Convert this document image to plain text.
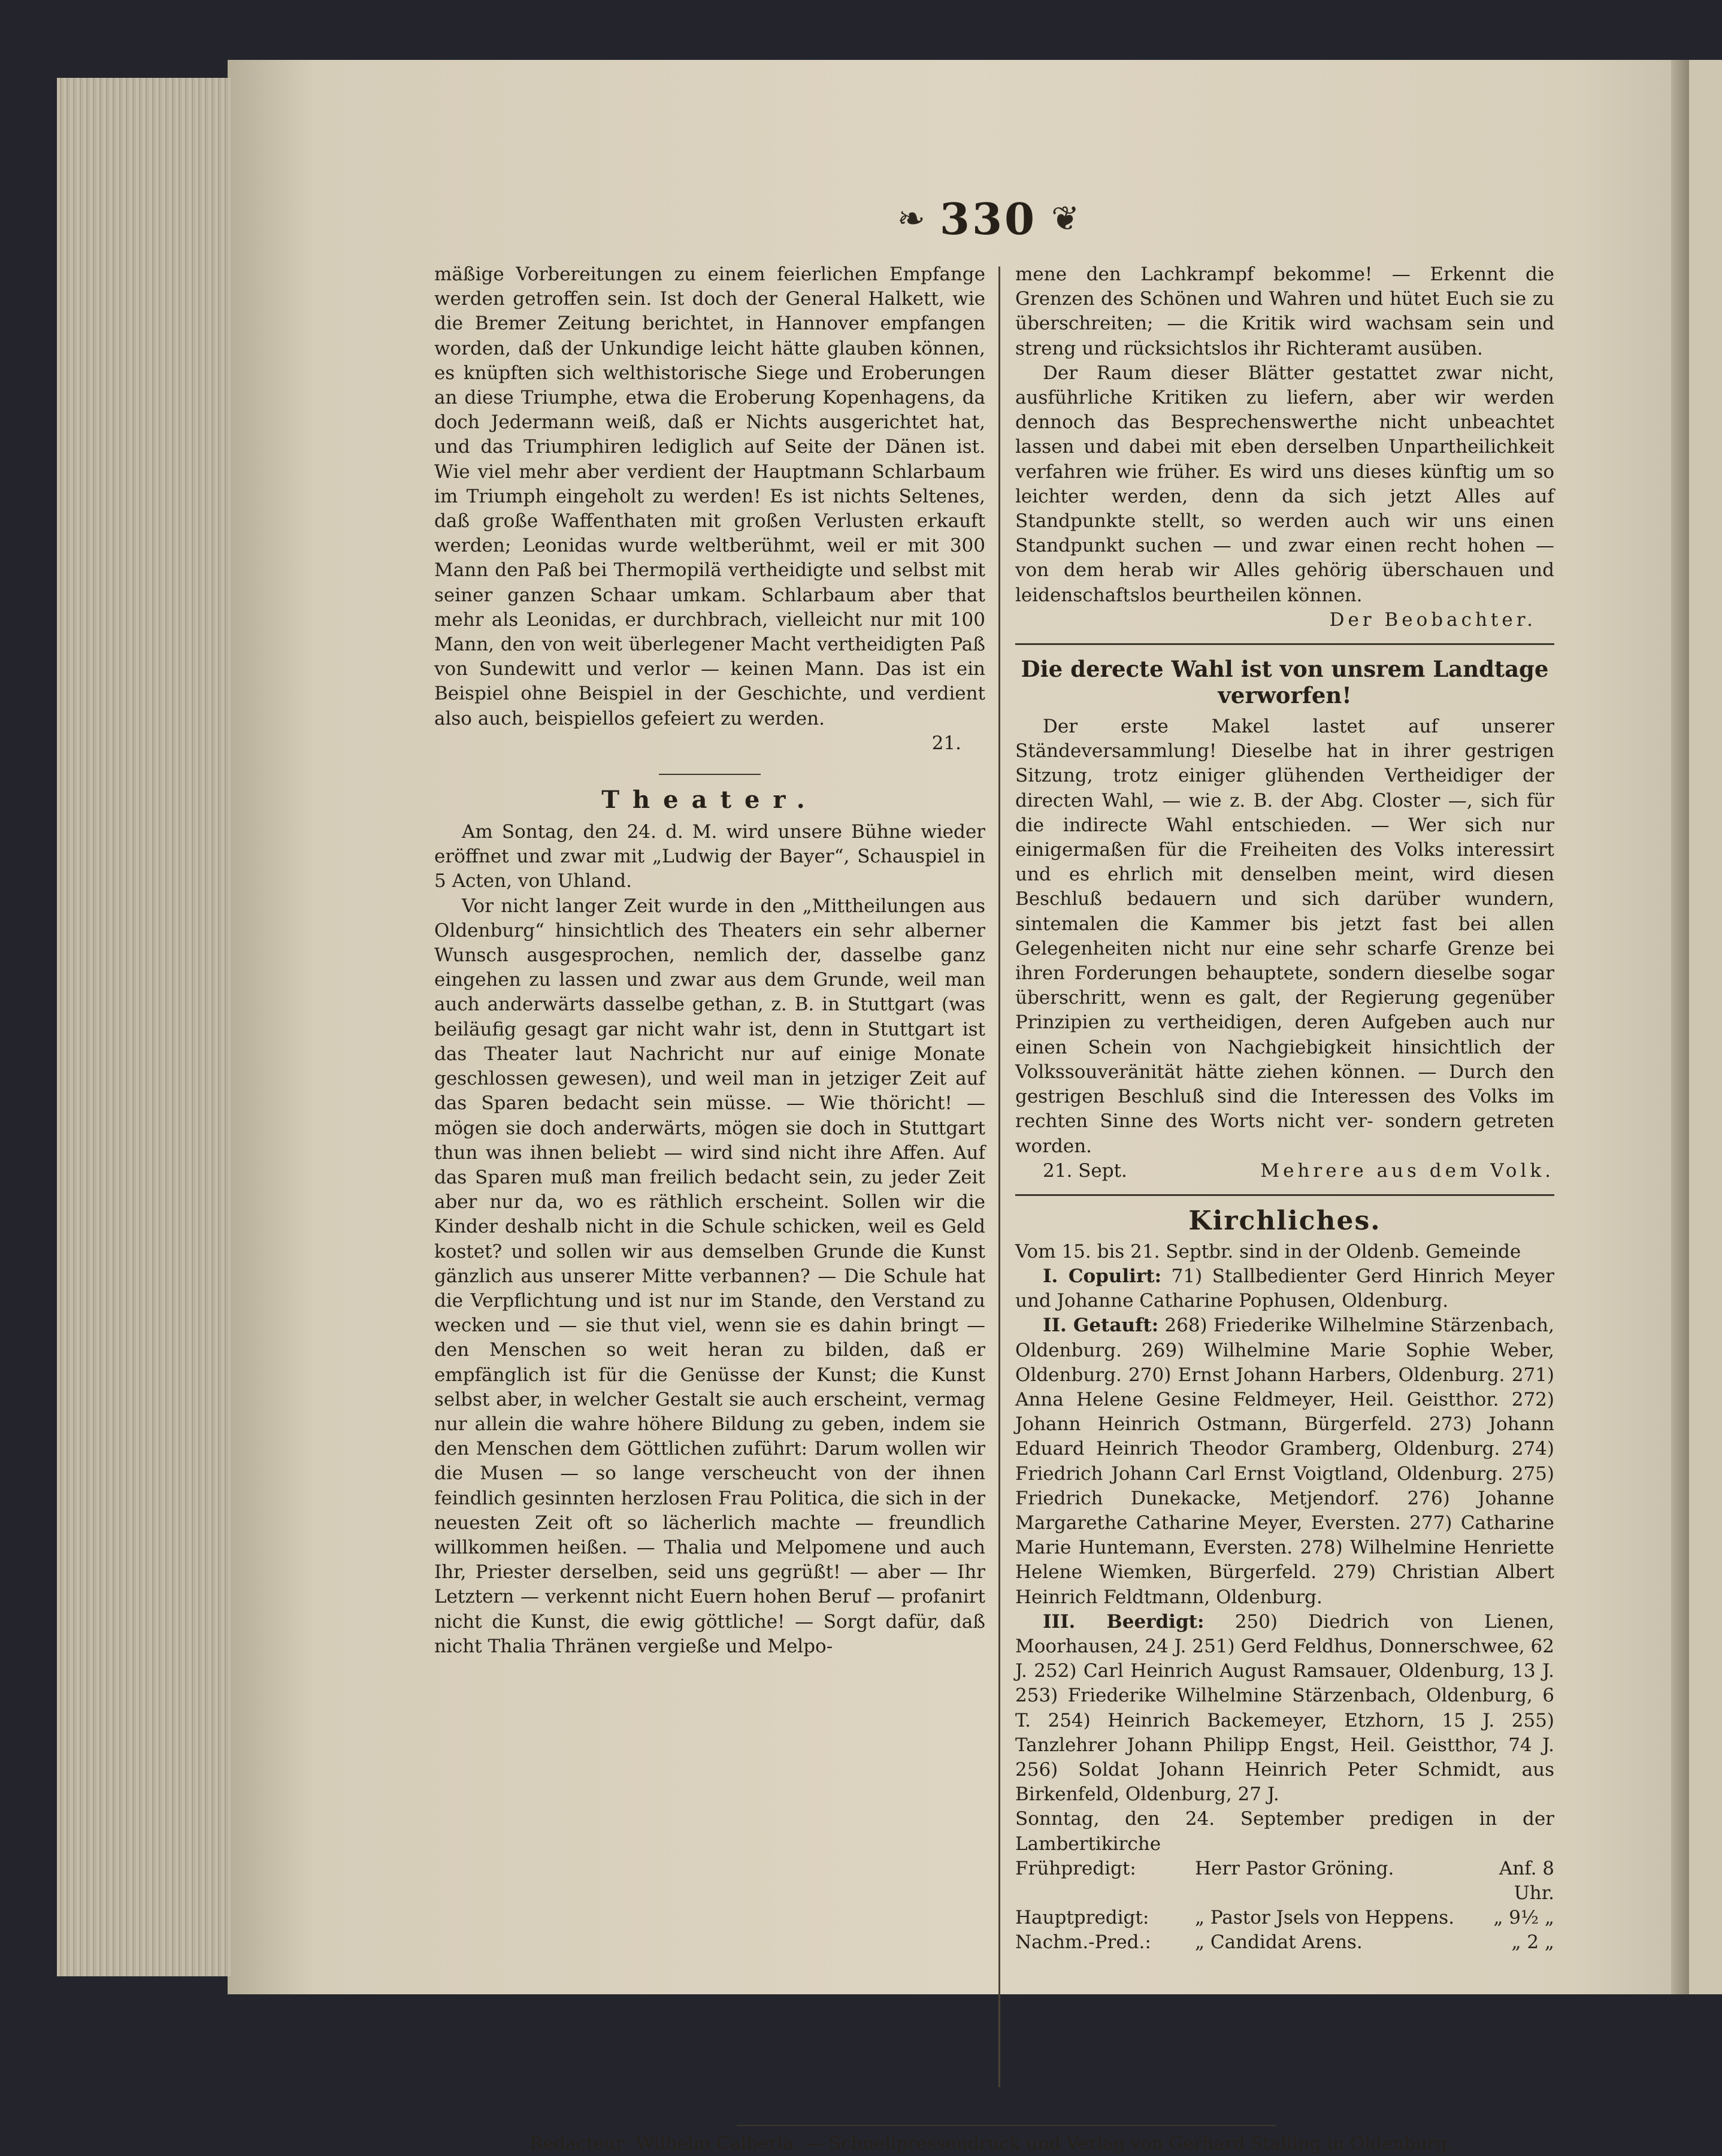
❧ 330 ❦

mäßige Vorbereitungen zu einem feierlichen Empfange werden getroffen sein. Ist doch der General Halkett, wie die Bremer Zeitung berichtet, in Hannover empfangen worden, daß der Unkundige leicht hätte glauben können, es knüpften sich welthistorische Siege und Eroberungen an diese Triumphe, etwa die Eroberung Kopenhagens, da doch Jedermann weiß, daß er Nichts ausgerichtet hat, und das Triumphiren lediglich auf Seite der Dänen ist. Wie viel mehr aber verdient der Hauptmann Schlarbaum im Triumph eingeholt zu werden! Es ist nichts Seltenes, daß große Waffenthaten mit großen Verlusten erkauft werden; Leonidas wurde weltberühmt, weil er mit 300 Mann den Paß bei Thermopilä vertheidigte und selbst mit seiner ganzen Schaar umkam. Schlarbaum aber that mehr als Leonidas, er durchbrach, vielleicht nur mit 100 Mann, den von weit überlegener Macht vertheidigten Paß von Sundewitt und verlor — keinen Mann. Das ist ein Beispiel ohne Beispiel in der Geschichte, und verdient also auch, beispiellos gefeiert zu werden.

21.
Theater.

Am Sontag, den 24. d. M. wird unsere Bühne wieder eröffnet und zwar mit „Ludwig der Bayer“, Schauspiel in 5 Acten, von Uhland.

Vor nicht langer Zeit wurde in den „Mittheilungen aus Oldenburg“ hinsichtlich des Theaters ein sehr alberner Wunsch ausgesprochen, nemlich der, dasselbe ganz eingehen zu lassen und zwar aus dem Grunde, weil man auch anderwärts dasselbe gethan, z. B. in Stuttgart (was beiläufig gesagt gar nicht wahr ist, denn in Stuttgart ist das Theater laut Nachricht nur auf einige Monate geschlossen gewesen), und weil man in jetziger Zeit auf das Sparen bedacht sein müsse. — Wie thöricht! — mögen sie doch anderwärts, mögen sie doch in Stuttgart thun was ihnen beliebt — wird sind nicht ihre Affen. Auf das Sparen muß man freilich bedacht sein, zu jeder Zeit aber nur da, wo es räthlich erscheint. Sollen wir die Kinder deshalb nicht in die Schule schicken, weil es Geld kostet? und sollen wir aus demselben Grunde die Kunst gänzlich aus unserer Mitte verbannen? — Die Schule hat die Verpflichtung und ist nur im Stande, den Verstand zu wecken und — sie thut viel, wenn sie es dahin bringt — den Menschen so weit heran zu bilden, daß er empfänglich ist für die Genüsse der Kunst; die Kunst selbst aber, in welcher Gestalt sie auch erscheint, vermag nur allein die wahre höhere Bildung zu geben, indem sie den Menschen dem Göttlichen zuführt: Darum wollen wir die Musen — so lange verscheucht von der ihnen feindlich gesinnten herzlosen Frau Politica, die sich in der neuesten Zeit oft so lächerlich machte — freundlich willkommen heißen. — Thalia und Melpomene und auch Ihr, Priester derselben, seid uns gegrüßt! — aber — Ihr Letztern — verkennt nicht Euern hohen Beruf — profanirt nicht die Kunst, die ewig göttliche! — Sorgt dafür, daß nicht Thalia Thränen vergieße und Melpo-

mene den Lachkrampf bekomme! — Erkennt die Grenzen des Schönen und Wahren und hütet Euch sie zu überschreiten; — die Kritik wird wachsam sein und streng und rücksichtslos ihr Richteramt ausüben.

Der Raum dieser Blätter gestattet zwar nicht, ausführliche Kritiken zu liefern, aber wir werden dennoch das Besprechenswerthe nicht unbeachtet lassen und dabei mit eben derselben Unpartheilichkeit verfahren wie früher. Es wird uns dieses künftig um so leichter werden, denn da sich jetzt Alles auf Standpunkte stellt, so werden auch wir uns einen Standpunkt suchen — und zwar einen recht hohen — von dem herab wir Alles gehörig überschauen und leidenschaftslos beurtheilen können.

Der Beobachter.
Die derecte Wahl ist von unsrem Landtage
verworfen!

Der erste Makel lastet auf unserer Ständeversammlung! Dieselbe hat in ihrer gestrigen Sitzung, trotz einiger glühenden Vertheidiger der directen Wahl, — wie z. B. der Abg. Closter —, sich für die indirecte Wahl entschieden. — Wer sich nur einigermaßen für die Freiheiten des Volks interessirt und es ehrlich mit denselben meint, wird diesen Beschluß bedauern und sich darüber wundern, sintemalen die Kammer bis jetzt fast bei allen Gelegenheiten nicht nur eine sehr scharfe Grenze bei ihren Forderungen behauptete, sondern dieselbe sogar überschritt, wenn es galt, der Regierung gegenüber Prinzipien zu vertheidigen, deren Aufgeben auch nur einen Schein von Nachgiebigkeit hinsichtlich der Volkssouveränität hätte ziehen können. — Durch den gestrigen Beschluß sind die Interessen des Volks im rechten Sinne des Worts nicht ver- sondern getreten worden.

21. Sept.	Mehrere aus dem Volk.
Kirchliches.

Vom 15. bis 21. Septbr. sind in der Oldenb. Gemeinde

I. Copulirt: 71) Stallbedienter Gerd Hinrich Meyer und Johanne Catharine Pophusen, Oldenburg.

II. Getauft: 268) Friederike Wilhelmine Stärzenbach, Oldenburg. 269) Wilhelmine Marie Sophie Weber, Oldenburg. 270) Ernst Johann Harbers, Oldenburg. 271) Anna Helene Gesine Feldmeyer, Heil. Geistthor. 272) Johann Heinrich Ostmann, Bürgerfeld. 273) Johann Eduard Heinrich Theodor Gramberg, Oldenburg. 274) Friedrich Johann Carl Ernst Voigtland, Oldenburg. 275) Friedrich Dunekacke, Metjendorf. 276) Johanne Margarethe Catharine Meyer, Eversten. 277) Catharine Marie Huntemann, Eversten. 278) Wilhelmine Henriette Helene Wiemken, Bürgerfeld. 279) Christian Albert Heinrich Feldtmann, Oldenburg.

III. Beerdigt: 250) Diedrich von Lienen, Moorhausen, 24 J. 251) Gerd Feldhus, Donnerschwee, 62 J. 252) Carl Heinrich August Ramsauer, Oldenburg, 13 J. 253) Friederike Wilhelmine Stärzenbach, Oldenburg, 6 T. 254) Heinrich Backemeyer, Etzhorn, 15 J. 255) Tanzlehrer Johann Philipp Engst, Heil. Geistthor, 74 J. 256) Soldat Johann Heinrich Peter Schmidt, aus Birkenfeld, Oldenburg, 27 J.

Sonntag, den 24. September predigen in der Lambertikirche

Frühpredigt:	Herr Pastor Gröning.	Anf. 8 Uhr.
Hauptpredigt:	„ Pastor Jsels von Heppens.	„ 9½ „
Nachm.-Pred.:	„ Candidat Arens.	„ 2 „
Redacteur: Wilhelm Calberla. — Schnellpressendruck und Verlag von Gerhard Stalling in Oldenburg.
